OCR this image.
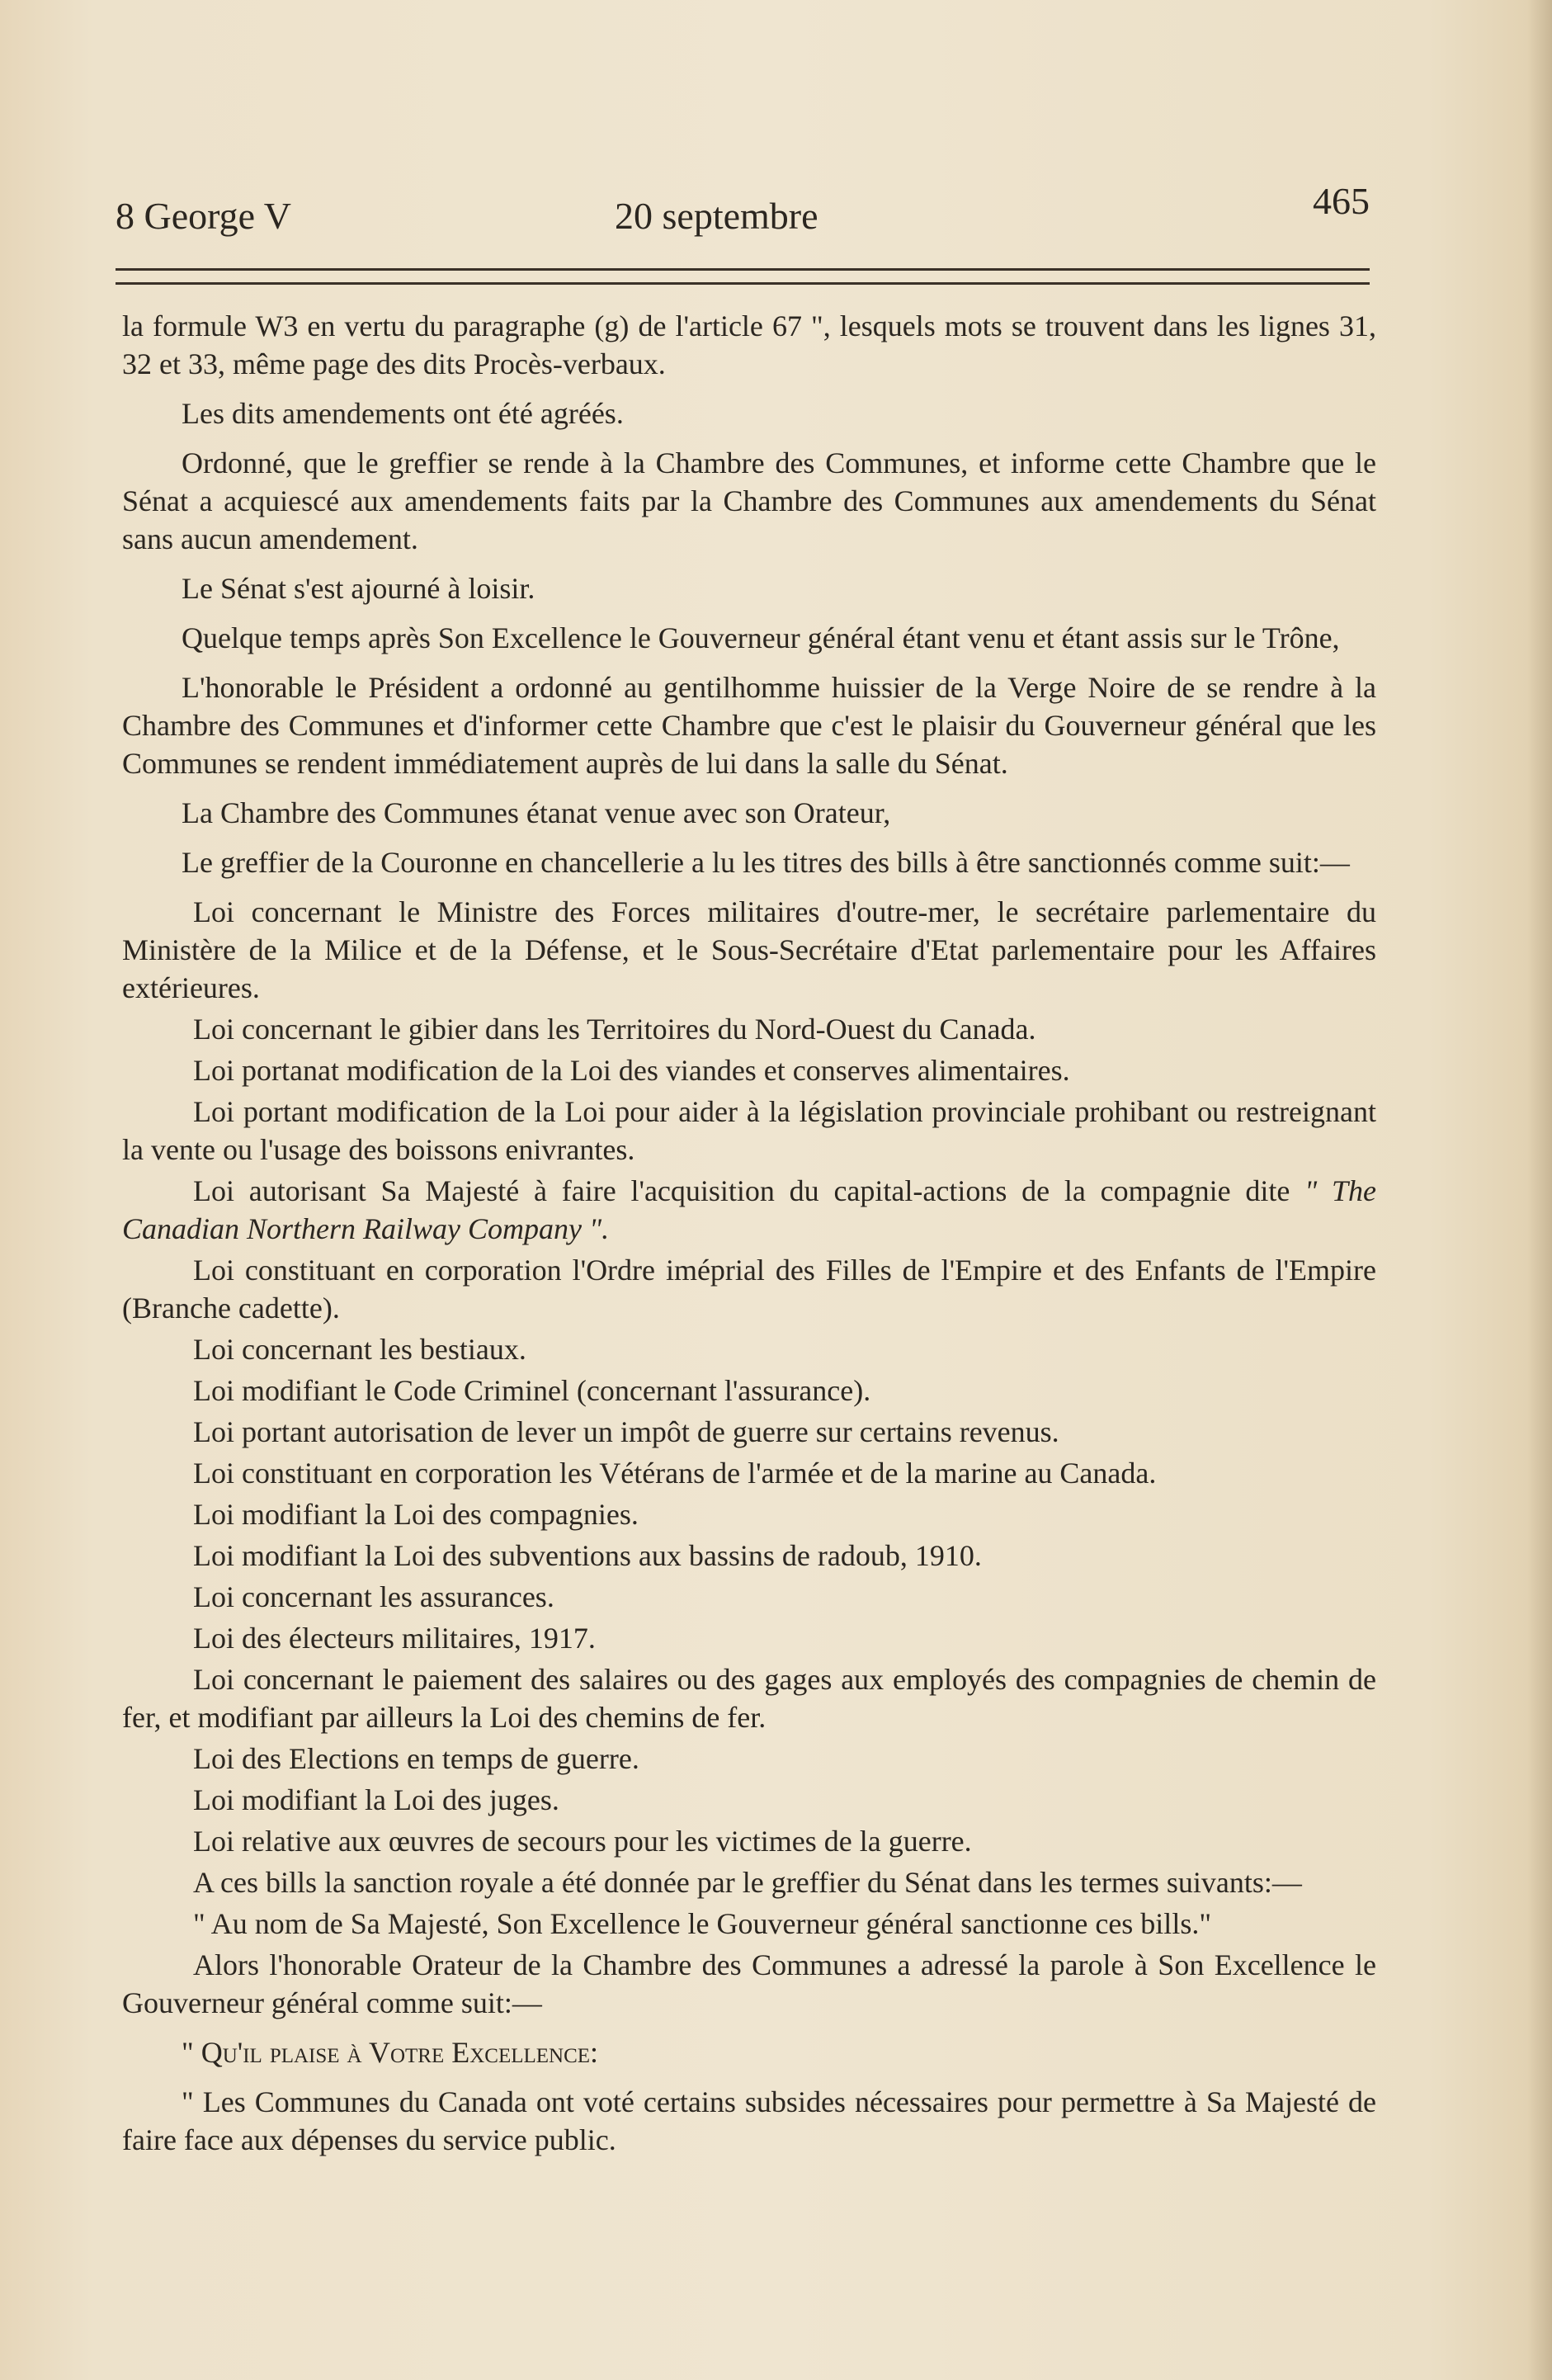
8 George V	20 septembre	465

la formule W3 en vertu du paragraphe (g) de l'article 67 ", lesquels mots se trouvent dans les lignes 31, 32 et 33, même page des dits Procès-verbaux.

Les dits amendements ont été agréés.

Ordonné, que le greffier se rende à la Chambre des Communes, et informe cette Chambre que le Sénat a acquiescé aux amendements faits par la Chambre des Communes aux amendements du Sénat sans aucun amendement.

Le Sénat s'est ajourné à loisir.

Quelque temps après Son Excellence le Gouverneur général étant venu et étant assis sur le Trône,

L'honorable le Président a ordonné au gentilhomme huissier de la Verge Noire de se rendre à la Chambre des Communes et d'informer cette Chambre que c'est le plaisir du Gouverneur général que les Communes se rendent immédiatement auprès de lui dans la salle du Sénat.

La Chambre des Communes étanat venue avec son Orateur,

Le greffier de la Couronne en chancellerie a lu les titres des bills à être sanctionnés comme suit:—

Loi concernant le Ministre des Forces militaires d'outre-mer, le secrétaire parlementaire du Ministère de la Milice et de la Défense, et le Sous-Secrétaire d'Etat parlementaire pour les Affaires extérieures.

Loi concernant le gibier dans les Territoires du Nord-Ouest du Canada.

Loi portanat modification de la Loi des viandes et conserves alimentaires.

Loi portant modification de la Loi pour aider à la législation provinciale prohibant ou restreignant la vente ou l'usage des boissons enivrantes.

Loi autorisant Sa Majesté à faire l'acquisition du capital-actions de la compagnie dite " The Canadian Northern Railway Company ".

Loi constituant en corporation l'Ordre iméprial des Filles de l'Empire et des Enfants de l'Empire (Branche cadette).

Loi concernant les bestiaux.

Loi modifiant le Code Criminel (concernant l'assurance).

Loi portant autorisation de lever un impôt de guerre sur certains revenus.

Loi constituant en corporation les Vétérans de l'armée et de la marine au Canada.

Loi modifiant la Loi des compagnies.

Loi modifiant la Loi des subventions aux bassins de radoub, 1910.

Loi concernant les assurances.

Loi des électeurs militaires, 1917.

Loi concernant le paiement des salaires ou des gages aux employés des compagnies de chemin de fer, et modifiant par ailleurs la Loi des chemins de fer.

Loi des Elections en temps de guerre.

Loi modifiant la Loi des juges.

Loi relative aux œuvres de secours pour les victimes de la guerre.

A ces bills la sanction royale a été donnée par le greffier du Sénat dans les termes suivants:—

" Au nom de Sa Majesté, Son Excellence le Gouverneur général sanctionne ces bills."

Alors l'honorable Orateur de la Chambre des Communes a adressé la parole à Son Excellence le Gouverneur général comme suit:—

" Qu'il plaise à Votre Excellence:

" Les Communes du Canada ont voté certains subsides nécessaires pour permettre à Sa Majesté de faire face aux dépenses du service public.
